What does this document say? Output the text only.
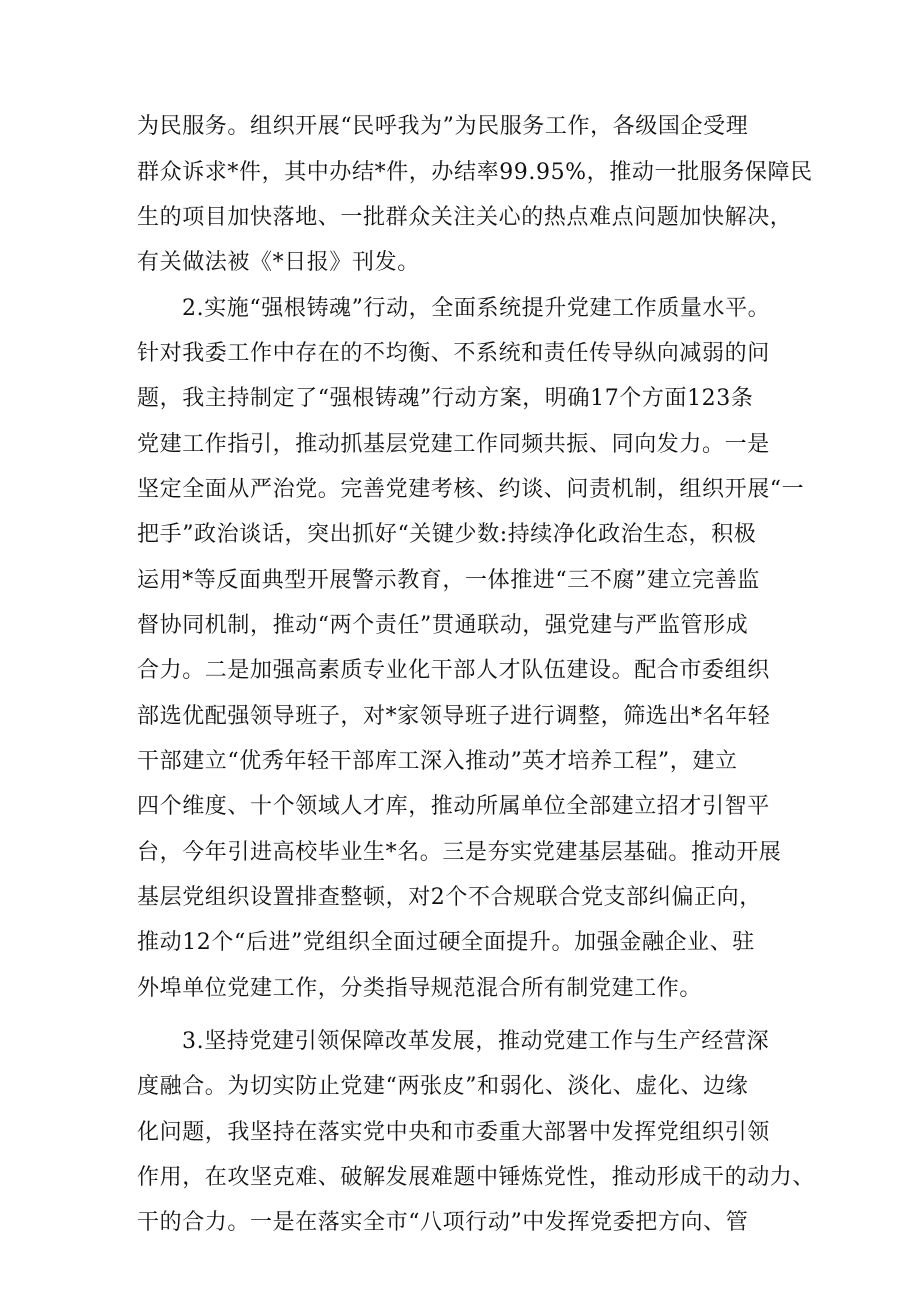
为民服务。组织开展“民呼我为”为民服务工作，各级国企受理
群众诉求*件，其中办结*件，办结率99.95%，推动一批服务保障民
生的项目加快落地、一批群众关注关心的热点难点问题加快解决，
有关做法被《*日报》刊发。
2.实施“强根铸魂”行动，全面系统提升党建工作质量水平。
针对我委工作中存在的不均衡、不系统和责任传导纵向减弱的问
题，我主持制定了“强根铸魂”行动方案，明确17个方面123条
党建工作指引，推动抓基层党建工作同频共振、同向发力。一是
坚定全面从严治党。完善党建考核、约谈、问责机制，组织开展“一
把手”政治谈话，突出抓好“关键少数:持续净化政治生态，积极
运用*等反面典型开展警示教育，一体推进“三不腐”建立完善监
督协同机制，推动“两个责任”贯通联动，强党建与严监管形成
合力。二是加强高素质专业化干部人才队伍建设。配合市委组织
部选优配强领导班子，对*家领导班子进行调整，筛选出*名年轻
干部建立“优秀年轻干部库工深入推动”英才培养工程”，建立
四个维度、十个领域人才库，推动所属单位全部建立招才引智平
台，今年引进高校毕业生*名。三是夯实党建基层基础。推动开展
基层党组织设置排查整顿，对2个不合规联合党支部纠偏正向，
推动12个“后进”党组织全面过硬全面提升。加强金融企业、驻
外埠单位党建工作，分类指导规范混合所有制党建工作。
3.坚持党建引领保障改革发展，推动党建工作与生产经营深
度融合。为切实防止党建“两张皮”和弱化、淡化、虚化、边缘
化问题，我坚持在落实党中央和市委重大部署中发挥党组织引领
作用，在攻坚克难、破解发展难题中锤炼党性，推动形成干的动力、
干的合力。一是在落实全市“八项行动”中发挥党委把方向、管
